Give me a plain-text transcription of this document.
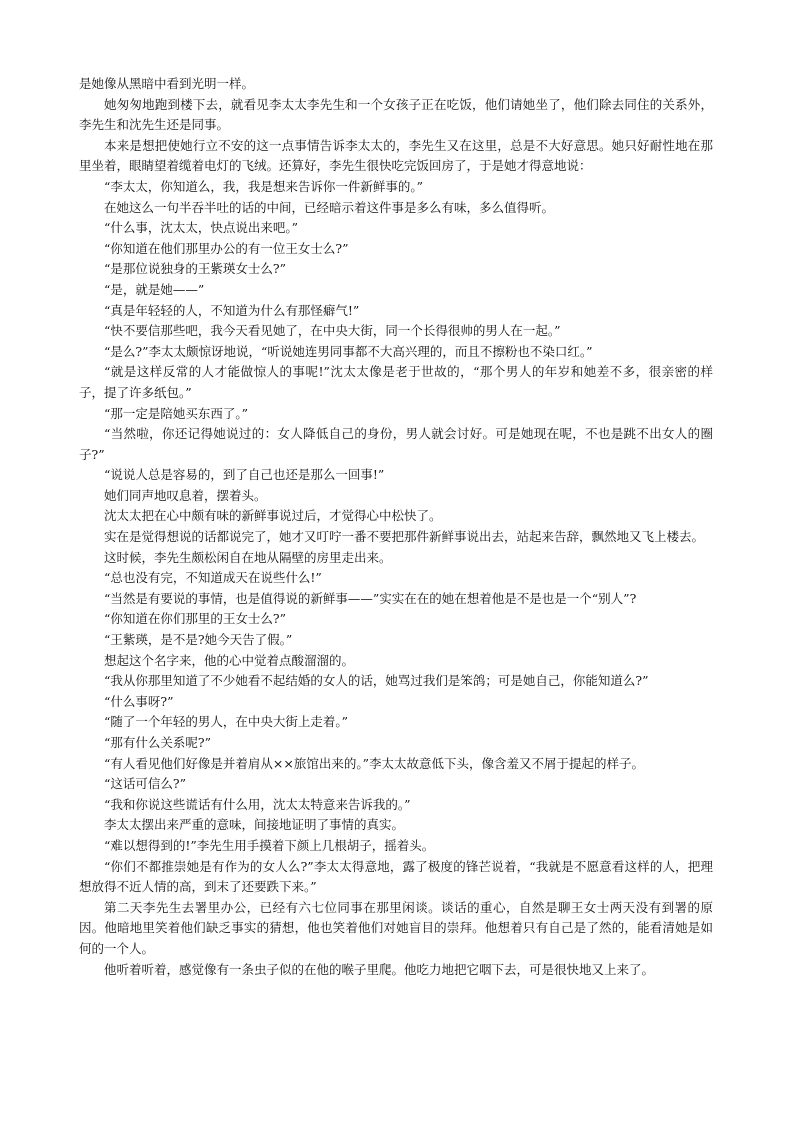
是她像从黑暗中看到光明一样。

她匆匆地跑到楼下去，就看见李太太李先生和一个女孩子正在吃饭，他们请她坐了，他们除去同住的关系外，李先生和沈先生还是同事。

本来是想把使她行立不安的这一点事情告诉李太太的，李先生又在这里，总是不大好意思。她只好耐性地在那里坐着，眼睛望着缆着电灯的飞绒。还算好，李先生很快吃完饭回房了，于是她才得意地说：

“李太太，你知道么，我，我是想来告诉你一件新鲜事的。”

在她这么一句半吞半吐的话的中间，已经暗示着这件事是多么有味，多么值得听。

“什么事，沈太太，快点说出来吧。”

“你知道在他们那里办公的有一位王女士么?”

“是那位说独身的王紫瑛女士么?”

“是，就是她——”

“真是年轻轻的人，不知道为什么有那怪癖气!”

“快不要信那些吧，我今天看见她了，在中央大街，同一个长得很帅的男人在一起。”

“是么?”李太太颇惊讶地说，“听说她连男同事都不大高兴理的，而且不擦粉也不染口红。”

“就是这样反常的人才能做惊人的事呢!”沈太太像是老于世故的，“那个男人的年岁和她差不多，很亲密的样子，提了许多纸包。”

“那一定是陪她买东西了。”

“当然啦，你还记得她说过的：女人降低自己的身份，男人就会讨好。可是她现在呢，不也是跳不出女人的圈子?”

“说说人总是容易的，到了自己也还是那么一回事!”

她们同声地叹息着，摆着头。

沈太太把在心中颇有味的新鲜事说过后，才觉得心中松快了。

实在是觉得想说的话都说完了，她才又叮咛一番不要把那件新鲜事说出去，站起来告辞，飘然地又飞上楼去。

这时候，李先生颇松闲自在地从隔壁的房里走出来。

“总也没有完，不知道成天在说些什么!”

“当然是有要说的事情，也是值得说的新鲜事——”实实在在的她在想着他是不是也是一个“别人”?

“你知道在你们那里的王女士么?”

“王紫瑛，是不是?她今天告了假。”

想起这个名字来，他的心中觉着点酸溜溜的。

“我从你那里知道了不少她看不起结婚的女人的话，她骂过我们是笨鸽；可是她自己，你能知道么?”

“什么事呀?”

“随了一个年轻的男人，在中央大街上走着。”

“那有什么关系呢?”

“有人看见他们好像是并着肩从××旅馆出来的。”李太太故意低下头，像含羞又不屑于提起的样子。

“这话可信么?”

“我和你说这些谎话有什么用，沈太太特意来告诉我的。”

李太太摆出来严重的意味，间接地证明了事情的真实。

“难以想得到的!”李先生用手摸着下颜上几根胡子，摇着头。

“你们不都推崇她是有作为的女人么?”李太太得意地，露了极度的锋芒说着，“我就是不愿意看这样的人，把理想放得不近人情的高，到末了还要跌下来。”

第二天李先生去署里办公，已经有六七位同事在那里闲谈。谈话的重心，自然是聊王女士两天没有到署的原因。他暗地里笑着他们缺乏事实的猜想，他也笑着他们对她盲目的崇拜。他想着只有自己是了然的，能看清她是如何的一个人。

他听着听着，感觉像有一条虫子似的在他的喉子里爬。他吃力地把它咽下去，可是很快地又上来了。
